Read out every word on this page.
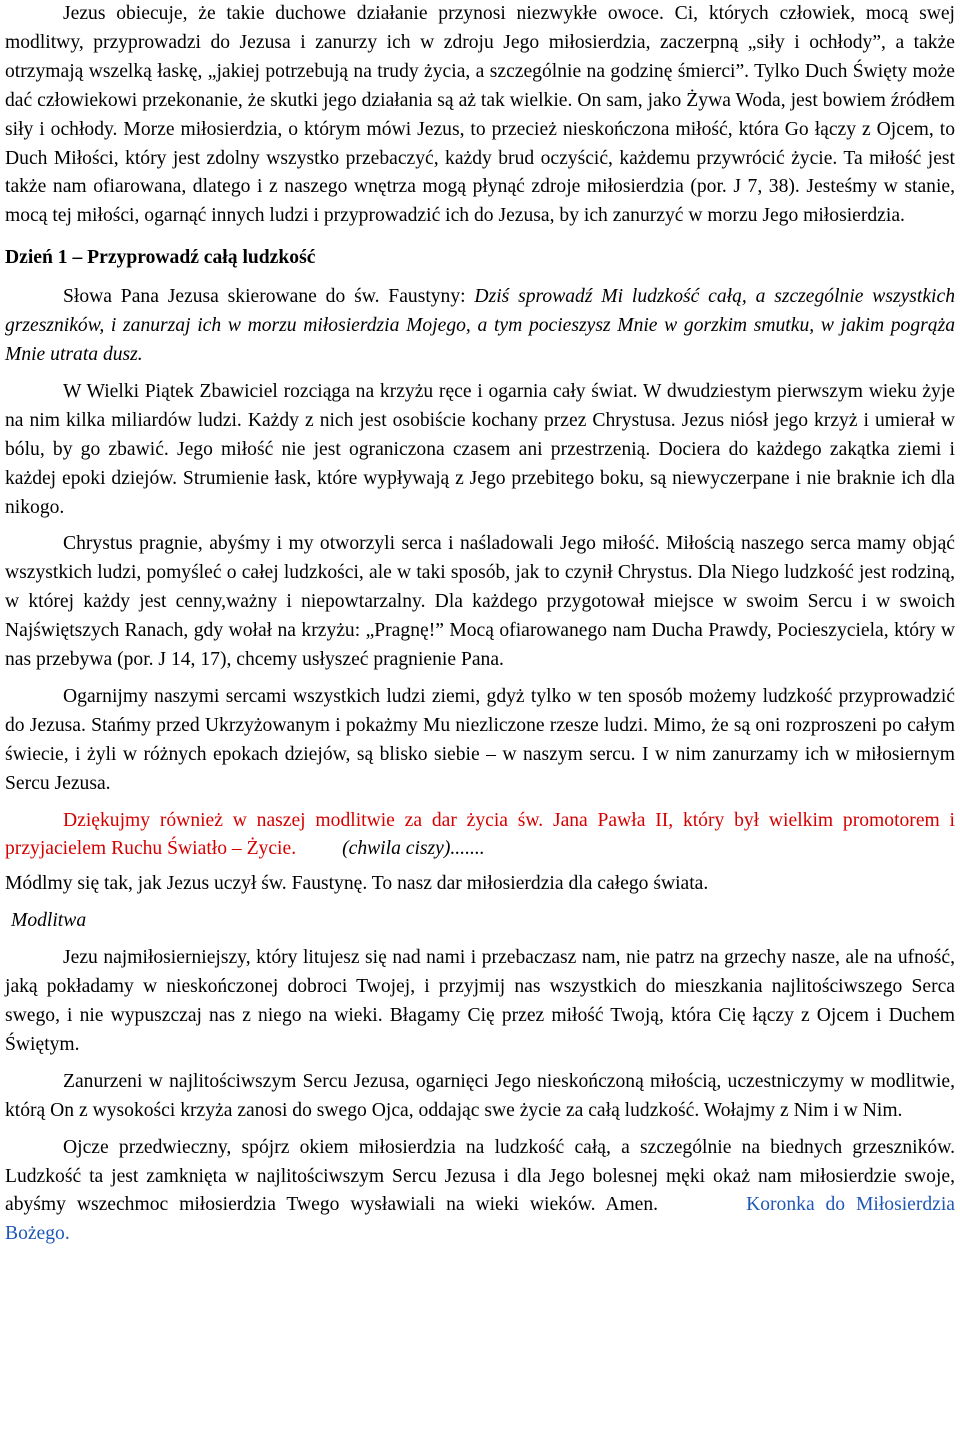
Jezus obiecuje, że takie duchowe działanie przynosi niezwykłe owoce. Ci, których człowiek, mocą swej modlitwy, przyprowadzi do Jezusa i zanurzy ich w zdroju Jego miłosierdzia, zaczerpną „siły i ochłody”, a także otrzymają wszelką łaskę, „jakiej potrzebują na trudy życia, a szczególnie na godzinę śmierci”. Tylko Duch Święty może dać człowiekowi przekonanie, że skutki jego działania są aż tak wielkie. On sam, jako Żywa Woda, jest bowiem źródłem siły i ochłody. Morze miłosierdzia, o którym mówi Jezus, to przecież nieskończona miłość, która Go łączy z Ojcem, to Duch Miłości, który jest zdolny wszystko przebaczyć, każdy brud oczyścić, każdemu przywrócić życie. Ta miłość jest także nam ofiarowana, dlatego i z naszego wnętrza mogą płynąć zdroje miłosierdzia (por. J 7, 38). Jesteśmy w stanie, mocą tej miłości, ogarnąć innych ludzi i przyprowadzić ich do Jezusa, by ich zanurzyć w morzu Jego miłosierdzia.

Dzień 1 – Przyprowadź całą ludzkość

Słowa Pana Jezusa skierowane do św. Faustyny: Dziś sprowadź Mi ludzkość całą, a szczególnie wszystkich grzeszników, i zanurzaj ich w morzu miłosierdzia Mojego, a tym pocieszysz Mnie w gorzkim smutku, w jakim pogrąża Mnie utrata dusz.

W Wielki Piątek Zbawiciel rozciąga na krzyżu ręce i ogarnia cały świat. W dwudziestym pierwszym wieku żyje na nim kilka miliardów ludzi. Każdy z nich jest osobiście kochany przez Chrystusa. Jezus niósł jego krzyż i umierał w bólu, by go zbawić. Jego miłość nie jest ograniczona czasem ani przestrzenią. Dociera do każdego zakątka ziemi i każdej epoki dziejów. Strumienie łask, które wypływają z Jego przebitego boku, są niewyczerpane i nie braknie ich dla nikogo.

Chrystus pragnie, abyśmy i my otworzyli serca i naśladowali Jego miłość. Miłością naszego serca mamy objąć wszystkich ludzi, pomyśleć o całej ludzkości, ale w taki sposób, jak to czynił Chrystus. Dla Niego ludzkość jest rodziną, w której każdy jest cenny,ważny i niepowtarzalny. Dla każdego przygotował miejsce w swoim Sercu i w swoich Najświętszych Ranach, gdy wołał na krzyżu: „Pragnę!” Mocą ofiarowanego nam Ducha Prawdy, Pocieszyciela, który w nas przebywa (por. J 14, 17), chcemy usłyszeć pragnienie Pana.

Ogarnijmy naszymi sercami wszystkich ludzi ziemi, gdyż tylko w ten sposób możemy ludzkość przyprowadzić do Jezusa. Stańmy przed Ukrzyżowanym i pokażmy Mu niezliczone rzesze ludzi. Mimo, że są oni rozproszeni po całym świecie, i żyli w różnych epokach dziejów, są blisko siebie – w naszym sercu. I w nim zanurzamy ich w miłosiernym Sercu Jezusa.

Dziękujmy również w naszej modlitwie za dar życia św. Jana Pawła II, który był wielkim promotorem i przyjacielem Ruchu Światło – Życie. (chwila ciszy).......

Módlmy się tak, jak Jezus uczył św. Faustynę. To nasz dar miłosierdzia dla całego świata.

Modlitwa

Jezu najmiłosierniejszy, który litujesz się nad nami i przebaczasz nam, nie patrz na grzechy nasze, ale na ufność, jaką pokładamy w nieskończonej dobroci Twojej, i przyjmij nas wszystkich do mieszkania najlitościwszego Serca swego, i nie wypuszczaj nas z niego na wieki. Błagamy Cię przez miłość Twoją, która Cię łączy z Ojcem i Duchem Świętym.

Zanurzeni w najlitościwszym Sercu Jezusa, ogarnięci Jego nieskończoną miłością, uczestniczymy w modlitwie, którą On z wysokości krzyża zanosi do swego Ojca, oddając swe życie za całą ludzkość. Wołajmy z Nim i w Nim.

Ojcze przedwieczny, spójrz okiem miłosierdzia na ludzkość całą, a szczególnie na biednych grzeszników. Ludzkość ta jest zamknięta w najlitościwszym Sercu Jezusa i dla Jego bolesnej męki okaż nam miłosierdzie swoje, abyśmy wszechmoc miłosierdzia Twego wysławiali na wieki wieków. Amen.	Koronka do Miłosierdzia Bożego.
